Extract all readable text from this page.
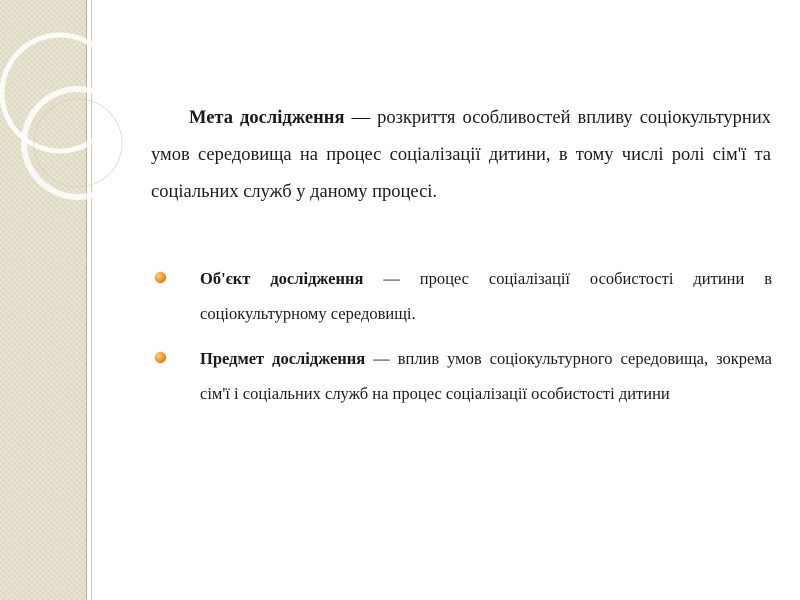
Мета дослідження — розкриття особливостей впливу соціокультурних умов середовища на процес соціалізації дитини, в тому числі ролі сім'ї та соціальних служб у даному процесі.

Об'єкт дослідження — процес соціалізації особистості дитини в соціокультурному середовищі.
Предмет дослідження — вплив умов соціокультурного середовища, зокрема сім'ї і соціальних служб на процес соціалізації особистості дитини
